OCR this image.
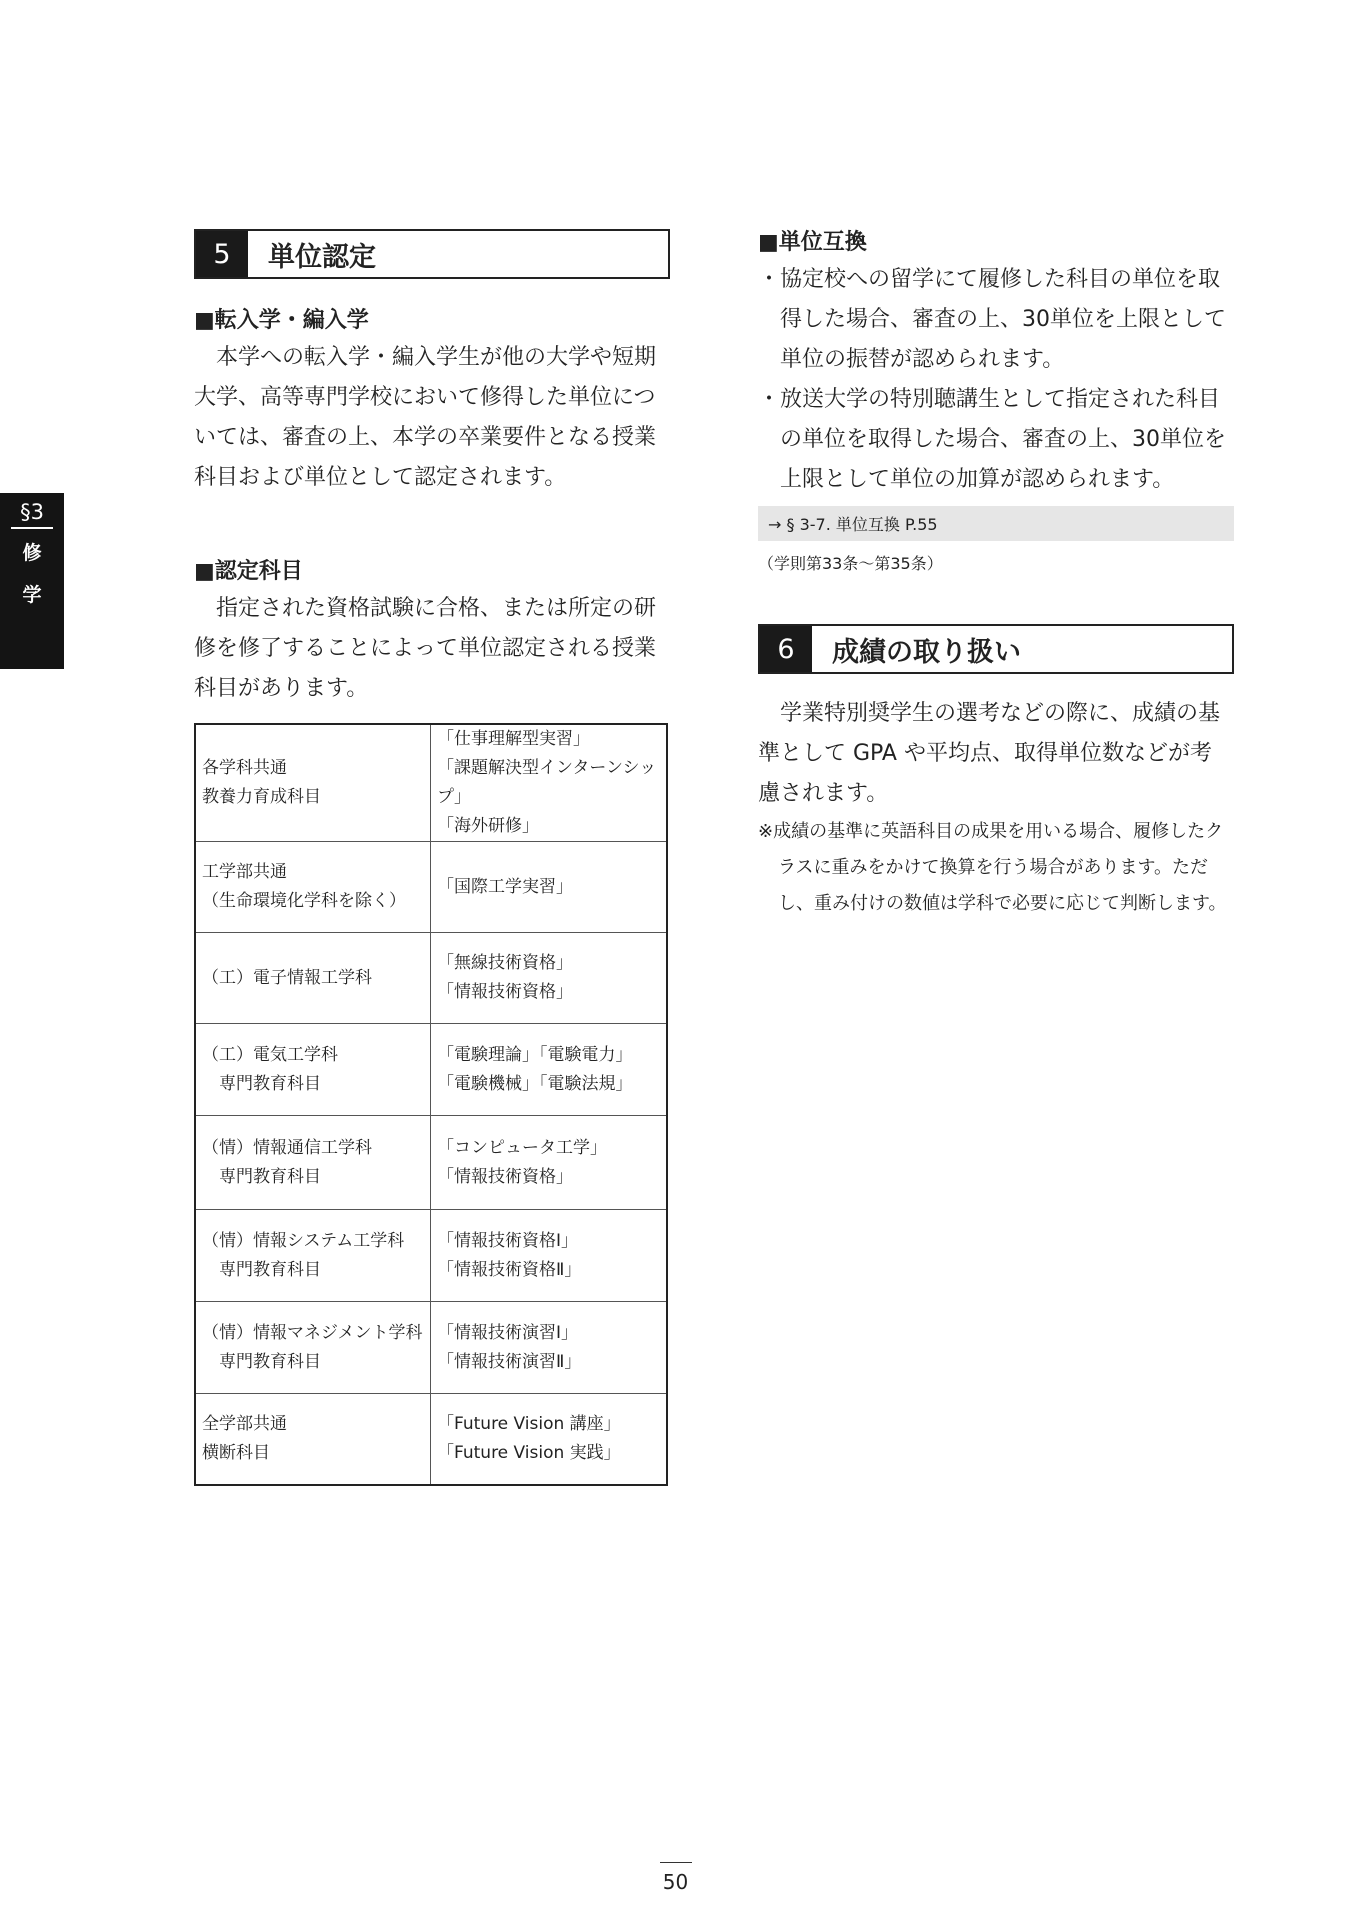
§3
修
学
5	単位認定

■転入学・編入学

本学への転入学・編入学生が他の大学や短期

大学、高等専門学校において修得した単位につ

いては、審査の上、本学の卒業要件となる授業

科目および単位として認定されます。

■認定科目

指定された資格試験に合格、または所定の研

修を修了することによって単位認定される授業

科目があります。

各学科共通
教養力育成科目	「仕事理解型実習」
「課題解決型インターンシップ」
「海外研修」

工学部共通
（生命環境化学科を除く）	「国際工学実習」

（工）電子情報工学科	「無線技術資格」
「情報技術資格」

（工）電気工学科
　専門教育科目	「電験理論」「電験電力」
「電験機械」「電験法規」

（情）情報通信工学科
　専門教育科目	「コンピュータ工学」
「情報技術資格」

（情）情報システム工学科
　専門教育科目	「情報技術資格Ⅰ」
「情報技術資格Ⅱ」

（情）情報マネジメント学科
　専門教育科目	「情報技術演習Ⅰ」
「情報技術演習Ⅱ」

全学部共通
横断科目	「Future Vision 講座」
「Future Vision 実践」

■単位互換

・協定校への留学にて履修した科目の単位を取得した場合、審査の上、30単位を上限として単位の振替が認められます。
・放送大学の特別聴講生として指定された科目の単位を取得した場合、審査の上、30単位を上限として単位の加算が認められます。
→ § 3-7. 単位互換 P.55
（学則第33条〜第35条）
6	成績の取り扱い

学業特別奨学生の選考などの際に、成績の基

準として GPA や平均点、取得単位数などが考

慮されます。

※成績の基準に英語科目の成果を用いる場合、履修したクラスに重みをかけて換算を行う場合があります。ただし、重み付けの数値は学科で必要に応じて判断します。

50
